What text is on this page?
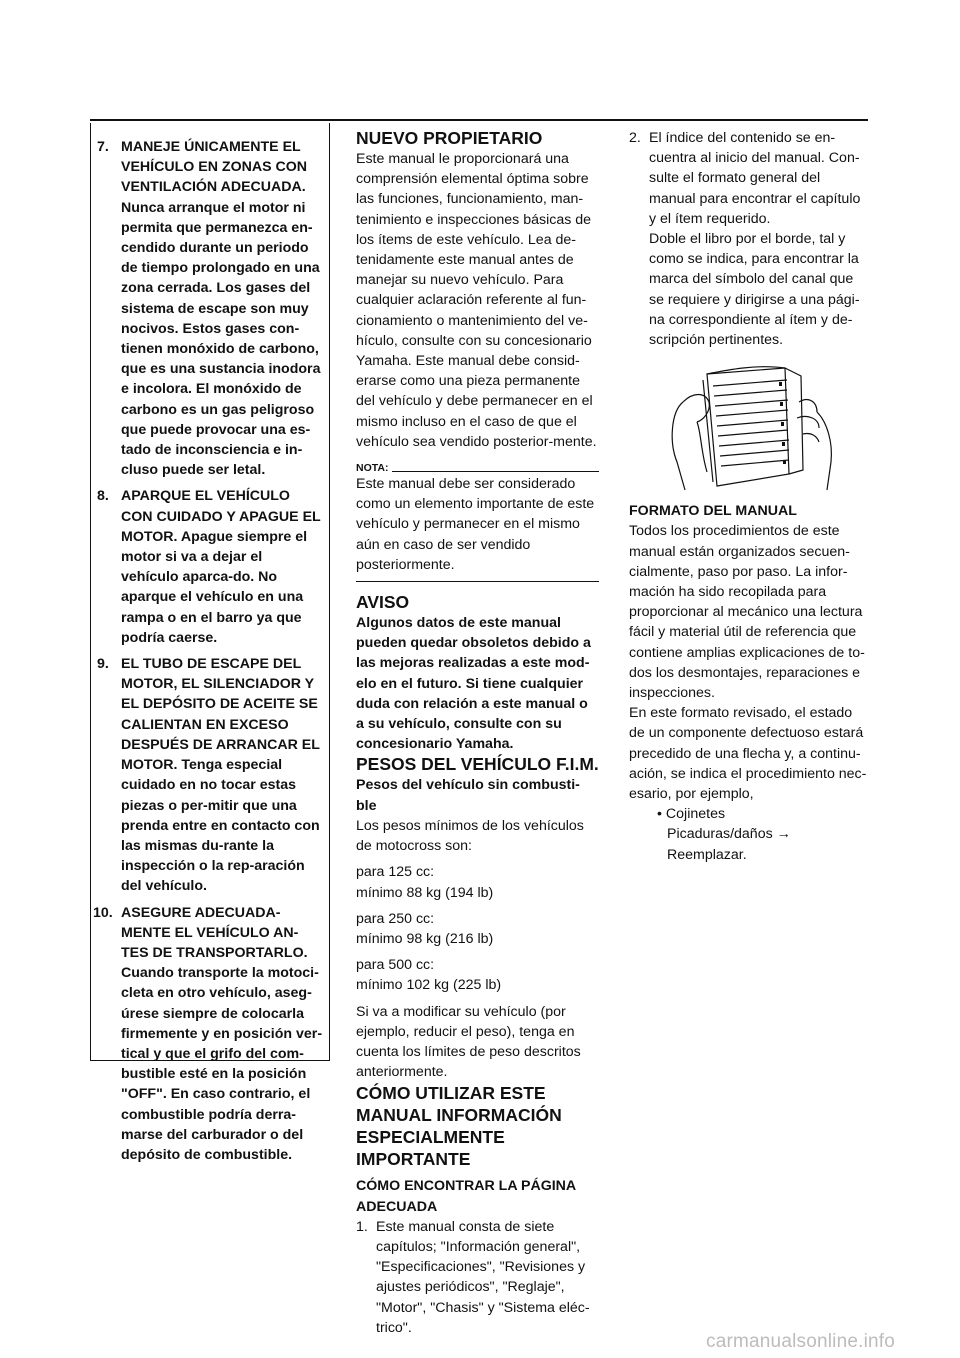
7. MANEJE ÚNICAMENTE EL VEHÍCULO EN ZONAS CON VENTILACIÓN ADECUADA. Nunca arranque el motor ni permita que permanezca en-cendido durante un periodo de tiempo prolongado en una zona cerrada. Los gases del sistema de escape son muy nocivos. Estos gases con-tienen monóxido de carbono, que es una sustancia inodora e incolora. El monóxido de carbono es un gas peligroso que puede provocar una es-tado de inconsciencia e in-cluso puede ser letal.
8. APARQUE EL VEHÍCULO CON CUIDADO Y APAGUE EL MOTOR. Apague siempre el motor si va a dejar el vehículo aparca-do. No aparque el vehículo en una rampa o en el barro ya que podría caerse.
9. EL TUBO DE ESCAPE DEL MOTOR, EL SILENCIADOR Y EL DEPÓSITO DE ACEITE SE CALIENTAN EN EXCESO DESPUÉS DE ARRANCAR EL MOTOR. Tenga especial cuidado en no tocar estas piezas o per-mitir que una prenda entre en contacto con las mismas du-rante la inspección o la rep-aración del vehículo.
10. ASEGURE ADECUADA-MENTE EL VEHÍCULO AN-TES DE TRANSPORTARLO. Cuando transporte la motoci-cleta en otro vehículo, aseg-úrese siempre de colocarla firmemente y en posición ver-tical y que el grifo del com-bustible esté en la posición "OFF". En caso contrario, el combustible podría derra-marse del carburador o del depósito de combustible.
NUEVO PROPIETARIO

Este manual le proporcionará una comprensión elemental óptima sobre las funciones, funcionamiento, man-tenimiento e inspecciones básicas de los ítems de este vehículo. Lea de-tenidamente este manual antes de manejar su nuevo vehículo. Para cualquier aclaración referente al fun-cionamiento o mantenimiento del ve-hículo, consulte con su concesionario Yamaha. Este manual debe consid-erarse como una pieza permanente del vehículo y debe permanecer en el mismo incluso en el caso de que el vehículo sea vendido posterior-mente.

NOTA:

Este manual debe ser considerado como un elemento importante de este vehículo y permanecer en el mismo aún en caso de ser vendido posteriormente.

AVISO

Algunos datos de este manual pueden quedar obsoletos debido a las mejoras realizadas a este mod-elo en el futuro. Si tiene cualquier duda con relación a este manual o a su vehículo, consulte con su concesionario Yamaha.

PESOS DEL VEHÍCULO F.I.M.

Pesos del vehículo sin combusti-ble

Los pesos mínimos de los vehículos de motocross son:

para 125 cc:

mínimo 88 kg (194 lb)

para 250 cc:

mínimo 98 kg (216 lb)

para 500 cc:

mínimo 102 kg (225 lb)

Si va a modificar su vehículo (por ejemplo, reducir el peso), tenga en cuenta los límites de peso descritos anteriormente.

CÓMO UTILIZAR ESTE MANUAL INFORMACIÓN ESPECIALMENTE IMPORTANTE

CÓMO ENCONTRAR LA PÁGINA ADECUADA

1. Este manual consta de siete capítulos; "Información general", "Especificaciones", "Revisiones y ajustes periódicos", "Reglaje", "Motor", "Chasis" y "Sistema eléc-trico".
2. El índice del contenido se en-cuentra al inicio del manual. Con-sulte el formato general del manual para encontrar el capítulo y el ítem requerido.

Doble el libro por el borde, tal y como se indica, para encontrar la marca del símbolo del canal que se requiere y dirigirse a una pági-na correspondiente al ítem y de-scripción pertinentes.

FORMATO DEL MANUAL

Todos los procedimientos de este manual están organizados secuen-cialmente, paso por paso. La infor-mación ha sido recopilada para proporcionar al mecánico una lectura fácil y material útil de referencia que contiene amplias explicaciones de to-dos los desmontajes, reparaciones e inspecciones.

En este formato revisado, el estado de un componente defectuoso estará precedido de una flecha y, a continu-ación, se indica el procedimiento nec-esario, por ejemplo,

• Cojinetes

Picaduras/daños → Reemplazar.

carmanualsonline.info
